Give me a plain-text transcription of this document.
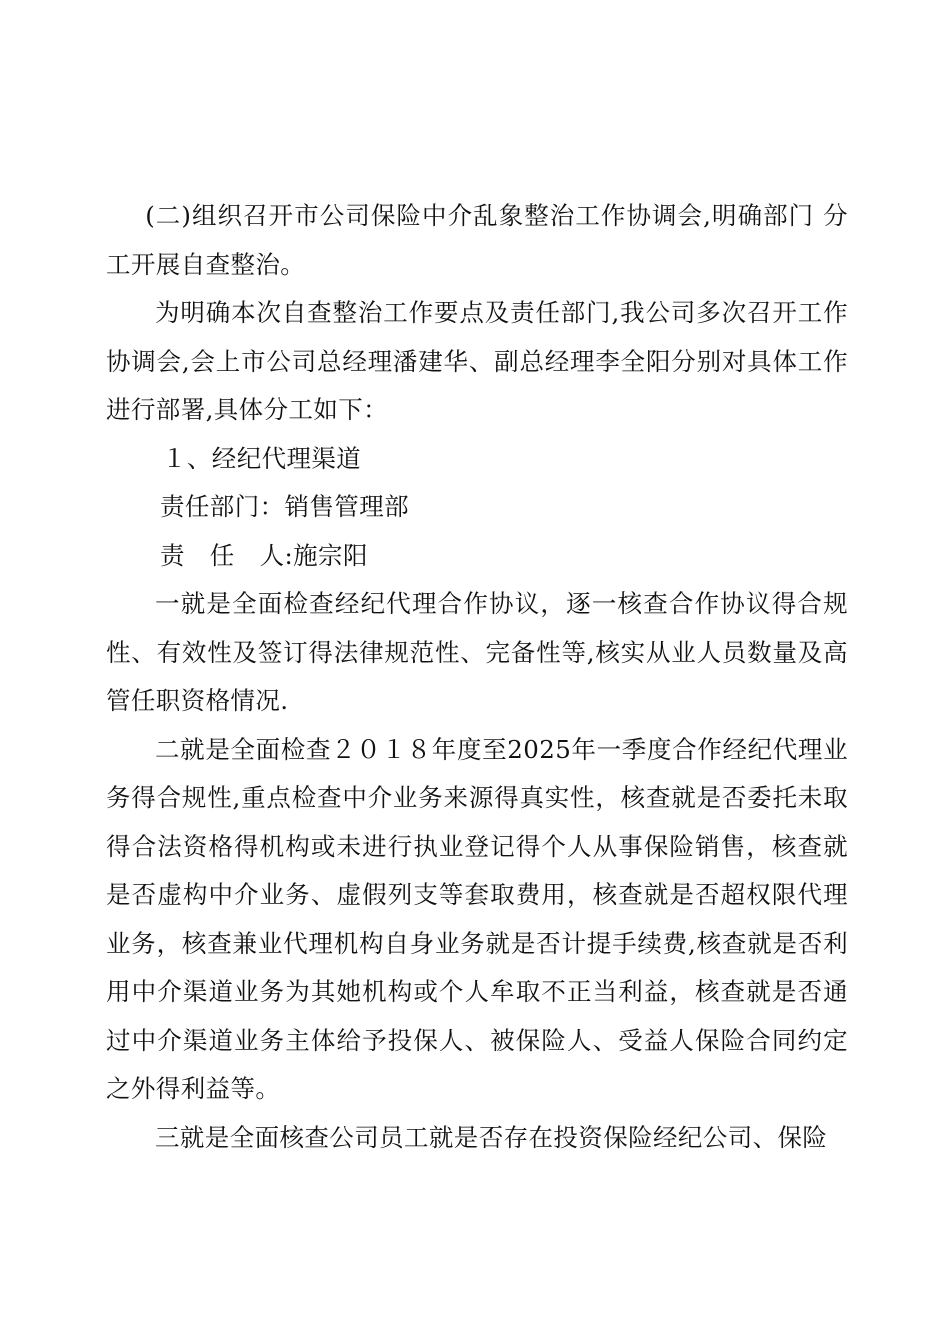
(二)组织召开市公司保险中介乱象整治工作协调会,明确部门 分工开展自查整治。

为明确本次自查整治工作要点及责任部门,我公司多次召开工作协调会,会上市公司总经理潘建华、副总经理李全阳分别对具体工作进行部署,具体分工如下：

１、经纪代理渠道

责任部门：销售管理部

责　任　人:施宗阳

一就是全面检查经纪代理合作协议，逐一核查合作协议得合规性、有效性及签订得法律规范性、完备性等,核实从业人员数量及高管任职资格情况.

二就是全面检查２０１８年度至2025年一季度合作经纪代理业务得合规性,重点检查中介业务来源得真实性，核查就是否委托未取得合法资格得机构或未进行执业登记得个人从事保险销售，核查就是否虚构中介业务、虚假列支等套取费用，核查就是否超权限代理业务，核查兼业代理机构自身业务就是否计提手续费,核查就是否利用中介渠道业务为其她机构或个人牟取不正当利益，核查就是否通过中介渠道业务主体给予投保人、被保险人、受益人保险合同约定之外得利益等。

三就是全面核查公司员工就是否存在投资保险经纪公司、保险
